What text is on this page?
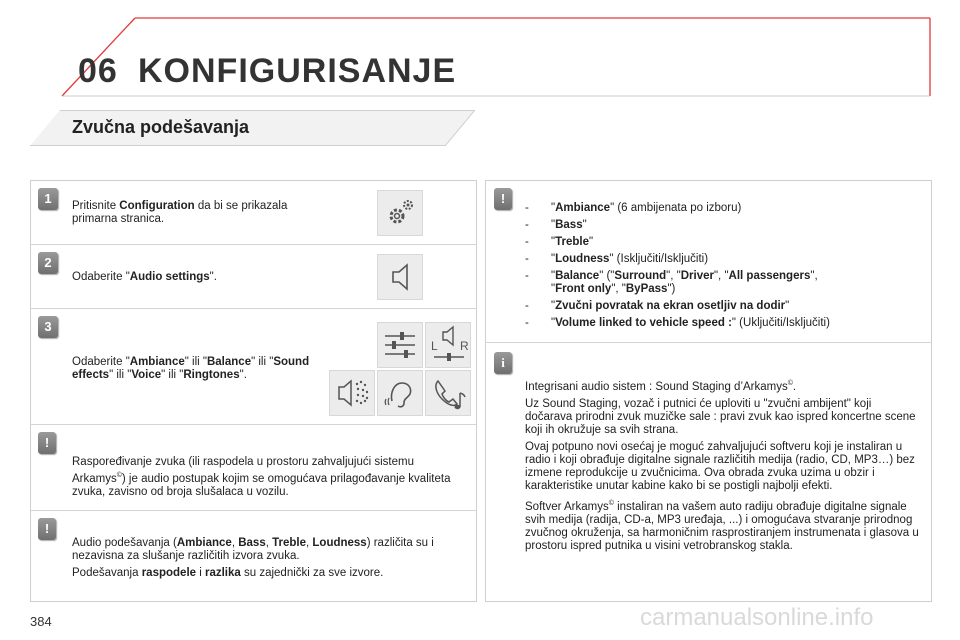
06 KONFIGURISANJE
Zvučna podešavanja
1	Pritisnite Configuration da bi se prikazala primarna stranica.
2
Odaberite "Audio settings".
3
Odaberite "Ambiance" ili "Balance" ili "Sound effects" ili "Voice" ili "Ringtones".
L R
!
Raspoređivanje zvuka (ili raspodela u prostoru zahvaljujući sistemu Arkamys©) je audio postupak kojim se omogućava prilagođavanje kvaliteta zvuka, zavisno od broja slušalaca u vozilu.
!

Audio podešavanja (Ambiance, Bass, Treble, Loudness) različita su i nezavisna za slušanje različitih izvora zvuka.

Podešavanja raspodele i razlika su zajednički za sve izvore.

!
- "Ambiance" (6 ambijenata po izboru)
- "Bass"
- "Treble"
- "Loudness" (Isključiti/Isključiti)
- "Balance" ("Surround", "Driver", "All passengers",
"Front only", "ByPass")
- "Zvučni povratak na ekran osetljiv na dodir"
- "Volume linked to vehicle speed :" (Uključiti/Isključiti)
i

Integrisani audio sistem : Sound Staging d’Arkamys©.

Uz Sound Staging, vozač i putnici će uploviti u "zvučni ambijent" koji dočarava prirodni zvuk muzičke sale : pravi zvuk kao ispred koncertne scene koji ih okružuje sa svih strana.

Ovaj potpuno novi osećaj je moguć zahvaljujući softveru koji je instaliran u radio i koji obrađuje digitalne signale različitih medija (radio, CD, MP3…) bez izmene reprodukcije u zvučnicima. Ova obrada zvuka uzima u obzir i karakteristike unutar kabine kako bi se postigli najbolji efekti.

Softver Arkamys© instaliran na vašem auto radiju obrađuje digitalne signale svih medija (radija, CD-a, MP3 uređaja, ...) i omogućava stvaranje prirodnog zvučnog okruženja, sa harmoničnim rasprostiranjem instrumenata i glasova u prostoru ispred putnika u visini vetrobranskog stakla.

384	carmanualsonline.info
